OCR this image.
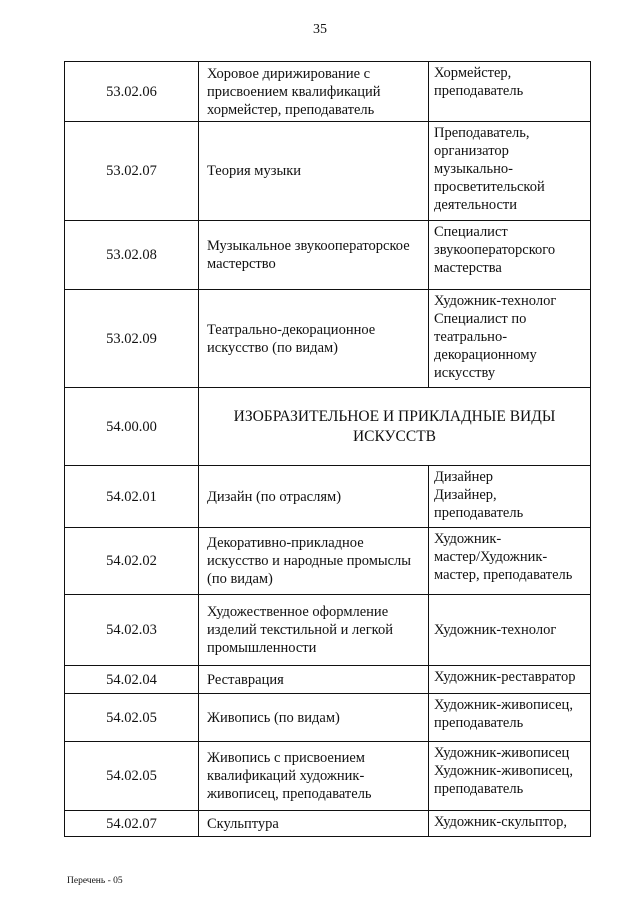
35
53.02.06	Хоровое дирижирование с
присвоением квалификаций
хормейстер, преподаватель	Хормейстер,
преподаватель
53.02.07	Теория музыки	Преподаватель,
организатор
музыкально-
просветительской
деятельности
53.02.08	Музыкальное звукооператорское
мастерство	Специалист
звукооператорского
мастерства
53.02.09	Театрально-декорационное
искусство (по видам)	Художник-технолог
Специалист по
театрально-
декорационному
искусству
54.00.00	ИЗОБРАЗИТЕЛЬНОЕ И ПРИКЛАДНЫЕ ВИДЫ
ИСКУССТВ	
54.02.01	Дизайн (по отраслям)	Дизайнер
Дизайнер,
преподаватель
54.02.02	Декоративно-прикладное
искусство и народные промыслы
(по видам)	Художник-
мастер/Художник-
мастер, преподаватель
54.02.03	Художественное оформление
изделий текстильной и легкой
промышленности	Художник-технолог
54.02.04	Реставрация	Художник-реставратор
54.02.05	Живопись (по видам)	Художник-живописец,
преподаватель
54.02.05	Живопись с присвоением
квалификаций художник-
живописец, преподаватель	Художник-живописец
Художник-живописец,
преподаватель
54.02.07	Скульптура	Художник-скульптор,
Перечень - 05
